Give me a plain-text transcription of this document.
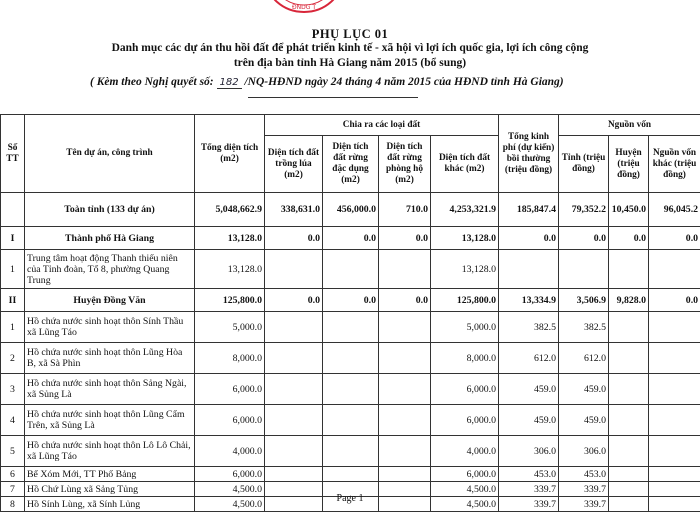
ĐNDG T
PHỤ LỤC 01
Danh mục các dự án thu hồi đất để phát triển kinh tế - xã hội vì lợi ích quốc gia, lợi ích công cộng
trên địa bàn tỉnh Hà Giang năm 2015 (bổ sung)
( Kèm theo Nghị quyết số: 182 /NQ-HĐND ngày 24 tháng 4 năm 2015 của HĐND tỉnh Hà Giang)
Số TT	Tên dự án, công trình	Tổng diện tích (m2)	Chia ra các loại đất				Tổng kinh phí (dự kiến) bồi thường (triệu đồng)	Nguồn vốn		
			Diện tích đất trồng lúa (m2)	Diện tích đất rừng đặc dụng (m2)	Diện tích đất rừng phòng hộ (m2)	Diện tích đất khác (m2)		Tỉnh (triệu đồng)	Huyện (triệu đồng)	Nguồn vốn khác (triệu đồng)
	Toàn tỉnh (133 dự án)	5,048,662.9	338,631.0	456,000.0	710.0	4,253,321.9	185,847.4	79,352.2	10,450.0	96,045.2
I	Thành phố Hà Giang	13,128.0	0.0	0.0	0.0	13,128.0	0.0	0.0	0.0	0.0
1	Trung tâm hoạt động Thanh thiếu niên của Tỉnh đoàn, Tổ 8, phường Quang Trung	13,128.0				13,128.0				
II	Huyện Đồng Văn	125,800.0	0.0	0.0	0.0	125,800.0	13,334.9	3,506.9	9,828.0	0.0
1	Hồ chứa nước sinh hoạt thôn Sính Thầu xã Lũng Táo	5,000.0				5,000.0	382.5	382.5		
2	Hồ chứa nước sinh hoạt thôn Lũng Hòa B, xã Sà Phìn	8,000.0				8,000.0	612.0	612.0		
3	Hồ chứa nước sinh hoạt thôn Sảng Ngài, xã Sủng Là	6,000.0				6,000.0	459.0	459.0		
4	Hồ chứa nước sinh hoạt thôn Lũng Cẩm Trên, xã Sủng Là	6,000.0				6,000.0	459.0	459.0		
5	Hồ chứa nước sinh hoạt thôn Lô Lô Chải, xã Lũng Táo	4,000.0				4,000.0	306.0	306.0		
6	Bể Xóm Mới, TT Phố Bảng	6,000.0				6,000.0	453.0	453.0		
7	Hồ Chứ Lùng xã Sảng Tủng	4,500.0				4,500.0	339.7	339.7		
8	Hồ Sính Lùng, xã Sính Lủng	4,500.0				4,500.0	339.7	339.7		
Page 1
